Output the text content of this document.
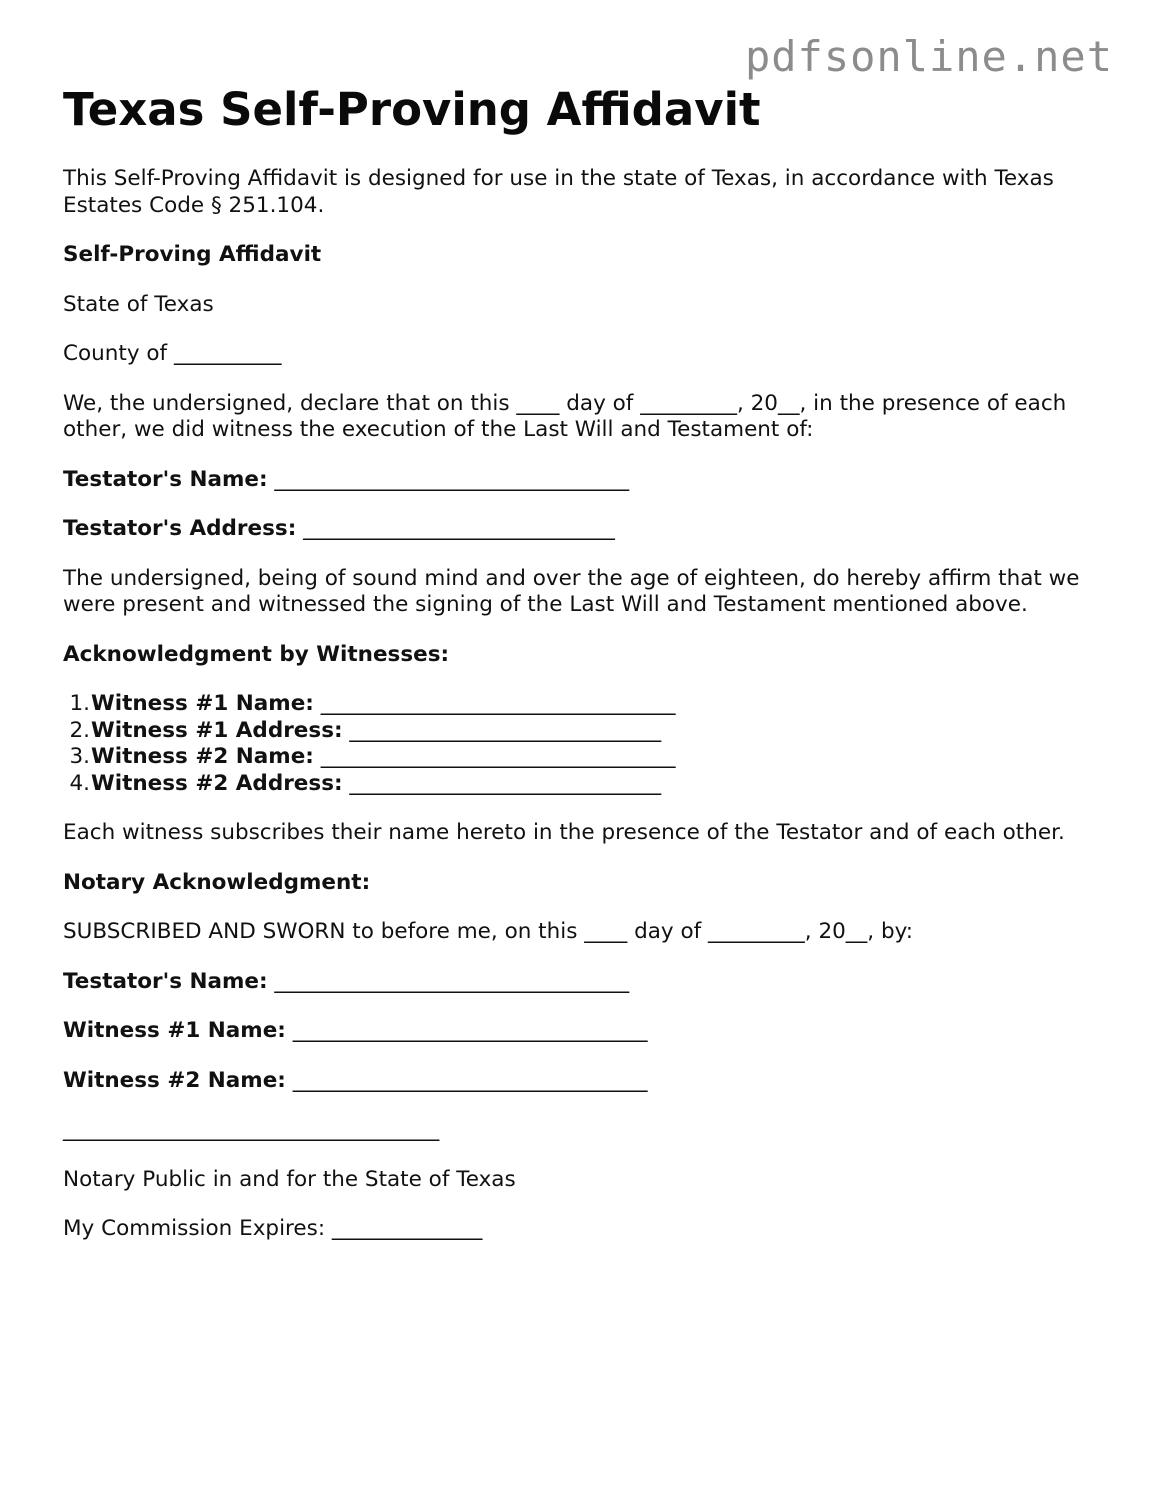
pdfsonline.net
Texas Self-Proving Affidavit

This Self-Proving Affidavit is designed for use in the state of Texas, in accordance with Texas Estates Code § 251.104.

Self-Proving Affidavit

State of Texas

County of __________

We, the undersigned, declare that on this ____ day of _________, 20__, in the presence of each other, we did witness the execution of the Last Will and Testament of:

Testator's Name: _________________________________

Testator's Address: _____________________________

The undersigned, being of sound mind and over the age of eighteen, do hereby affirm that we were present and witnessed the signing of the Last Will and Testament mentioned above.

Acknowledgment by Witnesses:

1. Witness #1 Name: _________________________________
2. Witness #1 Address: _____________________________
3. Witness #2 Name: _________________________________
4. Witness #2 Address: _____________________________

Each witness subscribes their name hereto in the presence of the Testator and of each other.

Notary Acknowledgment:

SUBSCRIBED AND SWORN to before me, on this ____ day of _________, 20__, by:

Testator's Name: _________________________________

Witness #1 Name: _________________________________

Witness #2 Name: _________________________________

___________________________________

Notary Public in and for the State of Texas

My Commission Expires: ______________
